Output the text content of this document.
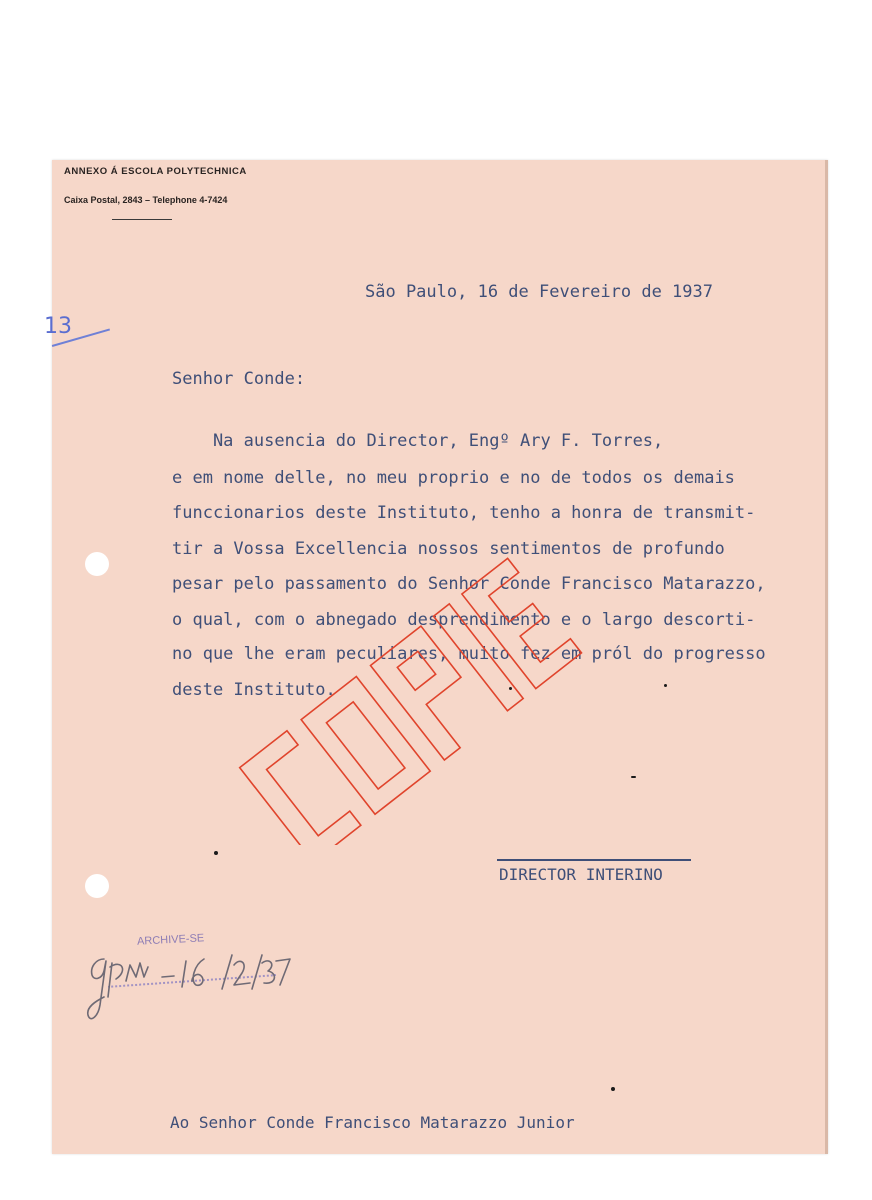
ANNEXO Á ESCOLA POLYTECHNICA
Caixa Postal, 2843 – Telephone 4-7424
13
São Paulo, 16 de Fevereiro de 1937
Senhor Conde:
Na ausencia do Director, Engº Ary F. Torres,
e em nome delle, no meu proprio e no de todos os demais
funccionarios deste Instituto, tenho a honra de transmit-
tir a Vossa Excellencia nossos sentimentos de profundo
pesar pelo passamento do Senhor Conde Francisco Matarazzo,
o qual, com o abnegado desprendimento e o largo descorti-
no que lhe eram peculiares, muito fez em pról do progresso
deste Instituto.
DIRECTOR INTERINO
ARCHIVE-SE
Ao Senhor Conde Francisco Matarazzo Junior
